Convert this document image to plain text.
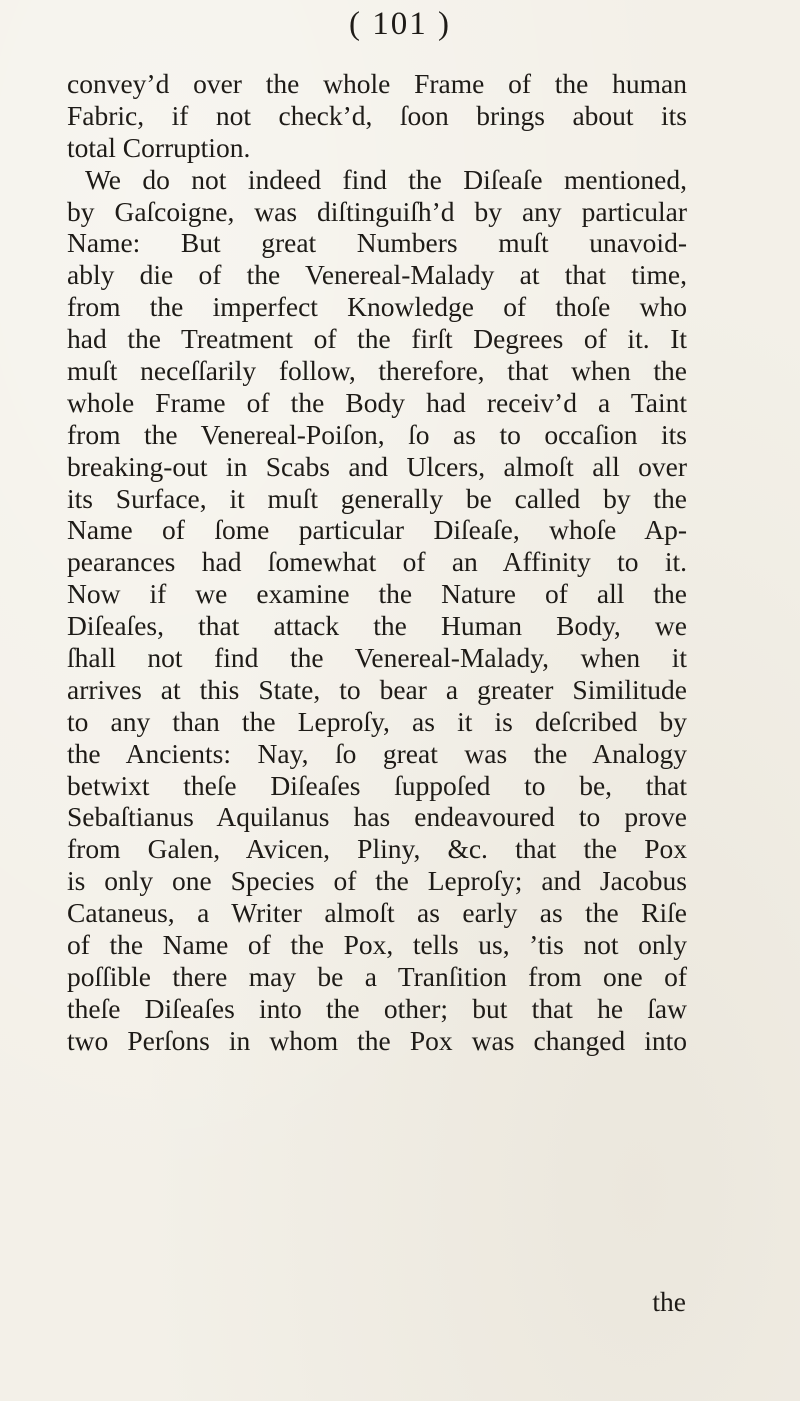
( 101 )
convey’d over the whole Frame of the human
Fabric, if not check’d, ſoon brings about its
total Corruption.
We do not indeed find the Diſeaſe mentioned,
by Gaſcoigne, was diſtinguiſh’d by any particular
Name: But great Numbers muſt unavoid-
ably die of the Venereal-Malady at that time,
from the imperfect Knowledge of thoſe who
had the Treatment of the firſt Degrees of it. It
muſt neceſſarily follow, therefore, that when the
whole Frame of the Body had receiv’d a Taint
from the Venereal-Poiſon, ſo as to occaſion its
breaking-out in Scabs and Ulcers, almoſt all over
its Surface, it muſt generally be called by the
Name of ſome particular Diſeaſe, whoſe Ap-
pearances had ſomewhat of an Affinity to it.
Now if we examine the Nature of all the
Diſeaſes, that attack the Human Body, we
ſhall not find the Venereal-Malady, when it
arrives at this State, to bear a greater Similitude
to any than the Leproſy, as it is deſcribed by
the Ancients: Nay, ſo great was the Analogy
betwixt theſe Diſeaſes ſuppoſed to be, that
Sebaſtianus Aquilanus has endeavoured to prove
from Galen, Avicen, Pliny, &c. that the Pox
is only one Species of the Leproſy; and Jacobus
Cataneus, a Writer almoſt as early as the Riſe
of the Name of the Pox, tells us, ’tis not only
poſſible there may be a Tranſition from one of
theſe Diſeaſes into the other; but that he ſaw
two Perſons in whom the Pox was changed into
the
